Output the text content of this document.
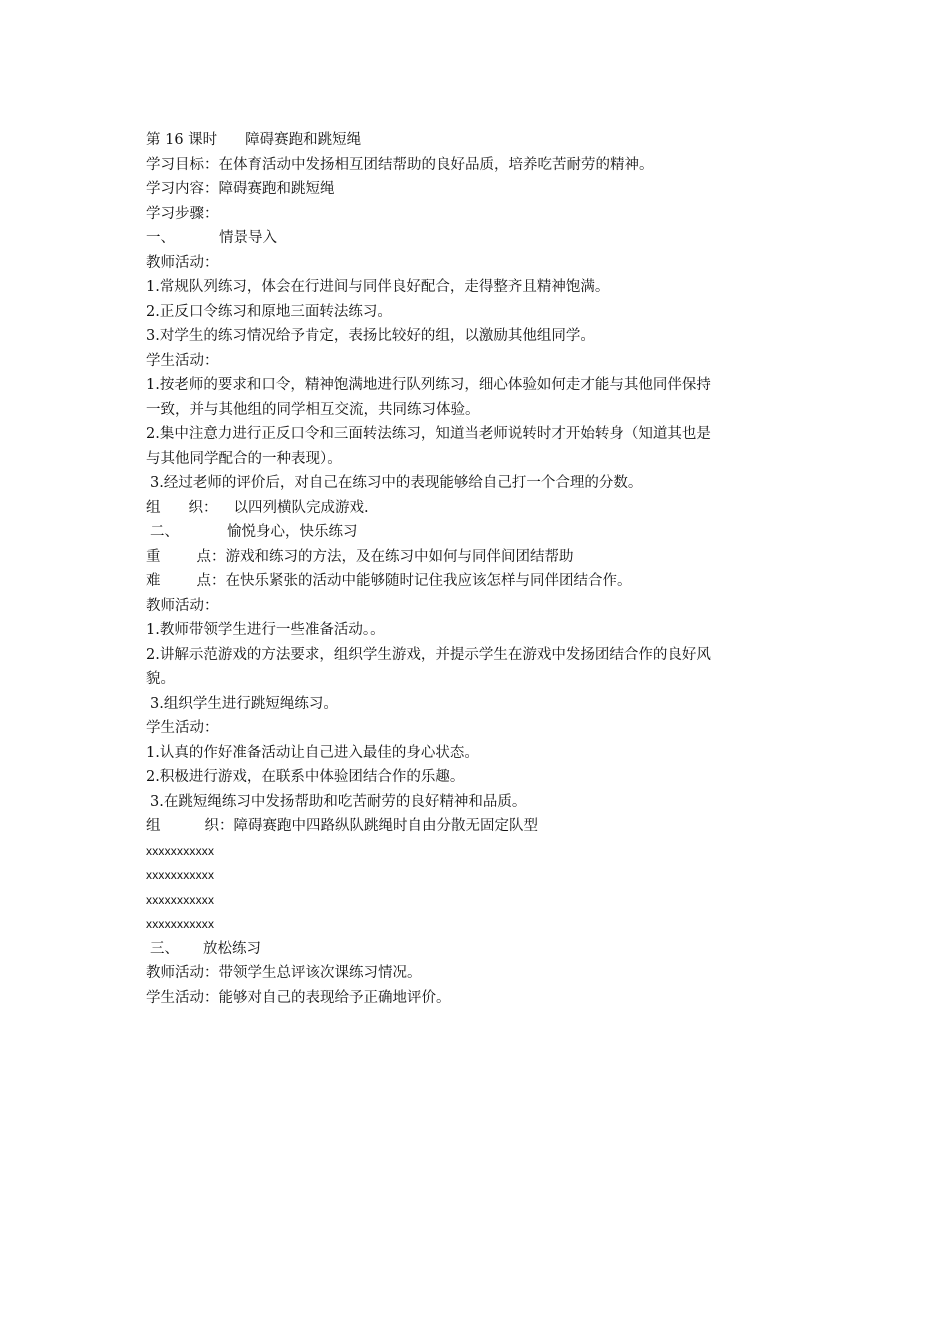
第 16 课时 障碍赛跑和跳短绳
学习目标：在体育活动中发扬相互团结帮助的良好品质，培养吃苦耐劳的精神。
学习内容：障碍赛跑和跳短绳
学习步骤：
一、	情景导入
教师活动：
1.常规队列练习，体会在行进间与同伴良好配合，走得整齐且精神饱满。
2.正反口令练习和原地三面转法练习。
3.对学生的练习情况给予肯定，表扬比较好的组，以激励其他组同学。
学生活动：
1.按老师的要求和口令，精神饱满地进行队列练习，细心体验如何走才能与其他同伴保持
一致，并与其他组的同学相互交流，共同练习体验。
2.集中注意力进行正反口令和三面转法练习，知道当老师说转时才开始转身（知道其也是
与其他同学配合的一种表现）。
3.经过老师的评价后，对自己在练习中的表现能够给自己打一个合理的分数。
组 织： 以四列横队完成游戏.
二、	愉悦身心，快乐练习
重 点：游戏和练习的方法，及在练习中如何与同伴间团结帮助
难 点：在快乐紧张的活动中能够随时记住我应该怎样与同伴团结合作。
教师活动：
1.教师带领学生进行一些准备活动。。
2.讲解示范游戏的方法要求，组织学生游戏，并提示学生在游戏中发扬团结合作的良好风
貌。
3.组织学生进行跳短绳练习。
学生活动：
1.认真的作好准备活动让自己进入最佳的身心状态。
2.积极进行游戏，在联系中体验团结合作的乐趣。
3.在跳短绳练习中发扬帮助和吃苦耐劳的良好精神和品质。
组	织：障碍赛跑中四路纵队跳绳时自由分散无固定队型
xxxxxxxxxxx
xxxxxxxxxxx
xxxxxxxxxxx
xxxxxxxxxxx
三、 放松练习
教师活动：带领学生总评该次课练习情况。
学生活动：能够对自己的表现给予正确地评价。
